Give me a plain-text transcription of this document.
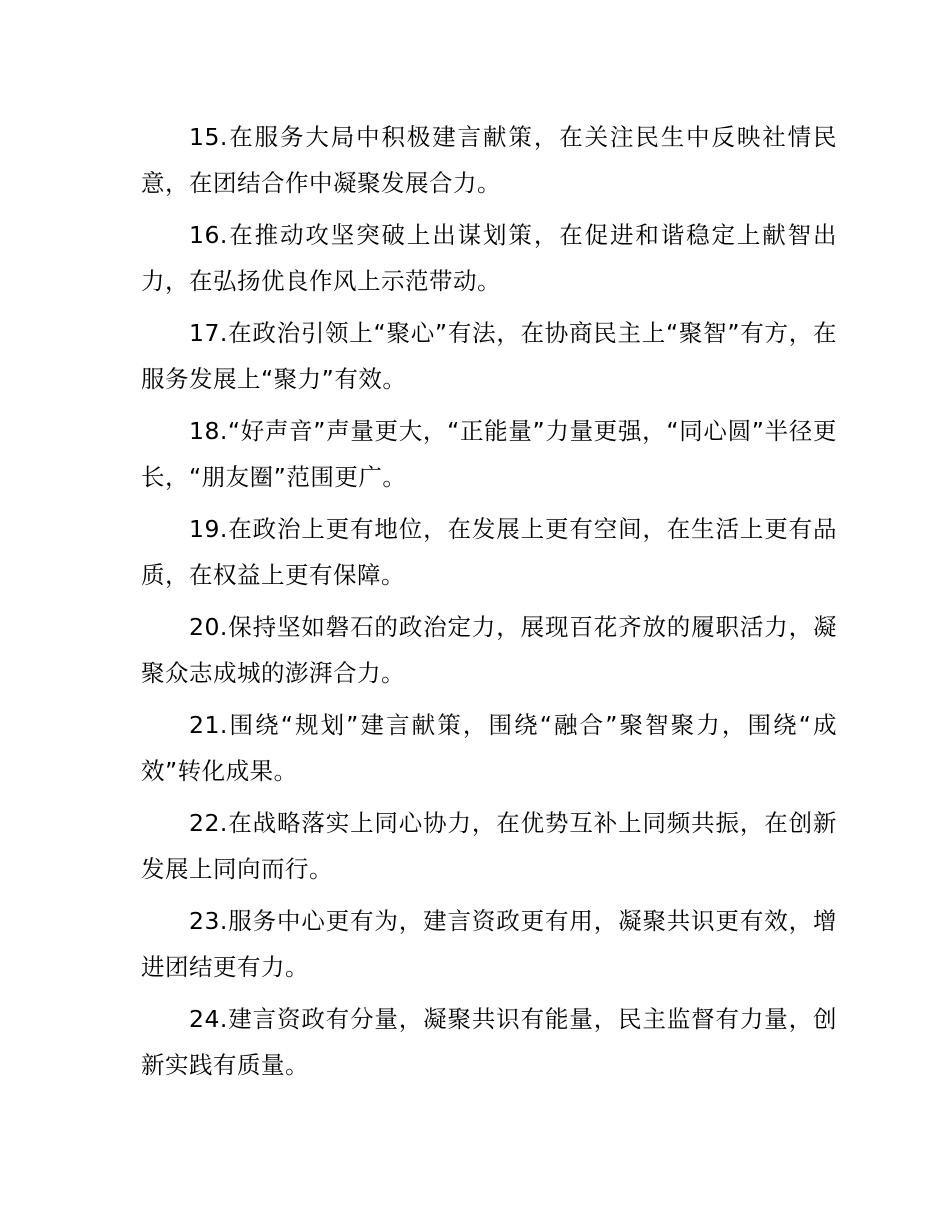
15.在服务大局中积极建言献策，在关注民生中反映社情民意，在团结合作中凝聚发展合力。

16.在推动攻坚突破上出谋划策，在促进和谐稳定上献智出力，在弘扬优良作风上示范带动。

17.在政治引领上“聚心”有法，在协商民主上“聚智”有方，在服务发展上“聚力”有效。

18.“好声音”声量更大，“正能量”力量更强，“同心圆”半径更长，“朋友圈”范围更广。

19.在政治上更有地位，在发展上更有空间，在生活上更有品质，在权益上更有保障。

20.保持坚如磐石的政治定力，展现百花齐放的履职活力，凝聚众志成城的澎湃合力。

21.围绕“规划”建言献策，围绕“融合”聚智聚力，围绕“成效”转化成果。

22.在战略落实上同心协力，在优势互补上同频共振，在创新发展上同向而行。

23.服务中心更有为，建言资政更有用，凝聚共识更有效，增进团结更有力。

24.建言资政有分量，凝聚共识有能量，民主监督有力量，创新实践有质量。
